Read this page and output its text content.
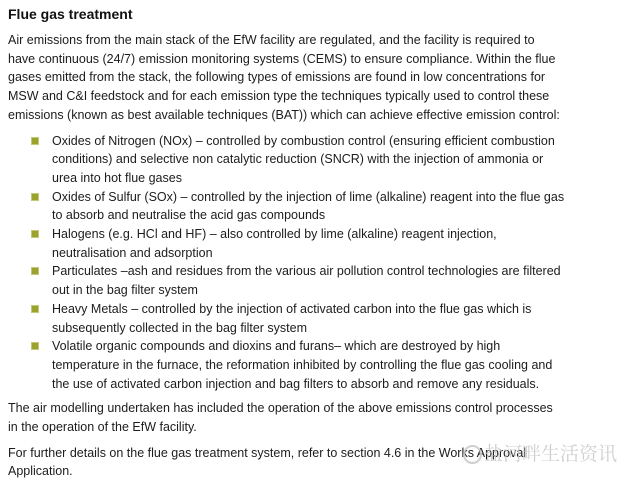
Flue gas treatment
Air emissions from the main stack of the EfW facility are regulated, and the facility is required to
have continuous (24/7) emission monitoring systems (CEMS) to ensure compliance. Within the flue
gases emitted from the stack, the following types of emissions are found in low concentrations for
MSW and C&I feedstock and for each emission type the techniques typically used to control these
emissions (known as best available techniques (BAT)) which can achieve effective emission control:
Oxides of Nitrogen (NOx) – controlled by combustion control (ensuring efficient combustion
conditions) and selective non catalytic reduction (SNCR) with the injection of ammonia or
urea into hot flue gases
Oxides of Sulfur (SOx) – controlled by the injection of lime (alkaline) reagent into the flue gas
to absorb and neutralise the acid gas compounds
Halogens (e.g. HCl and HF) – also controlled by lime (alkaline) reagent injection,
neutralisation and adsorption
Particulates –ash and residues from the various air pollution control technologies are filtered
out in the bag filter system
Heavy Metals – controlled by the injection of activated carbon into the flue gas which is
subsequently collected in the bag filter system
Volatile organic compounds and dioxins and furans– which are destroyed by high
temperature in the furnace, the reformation inhibited by controlling the flue gas cooling and
the use of activated carbon injection and bag filters to absorb and remove any residuals.
The air modelling undertaken has included the operation of the above emissions control processes
in the operation of the EfW facility.
For further details on the flue gas treatment system, refer to section 4.6 in the Works Approval
Application.
盐河畔生活资讯
